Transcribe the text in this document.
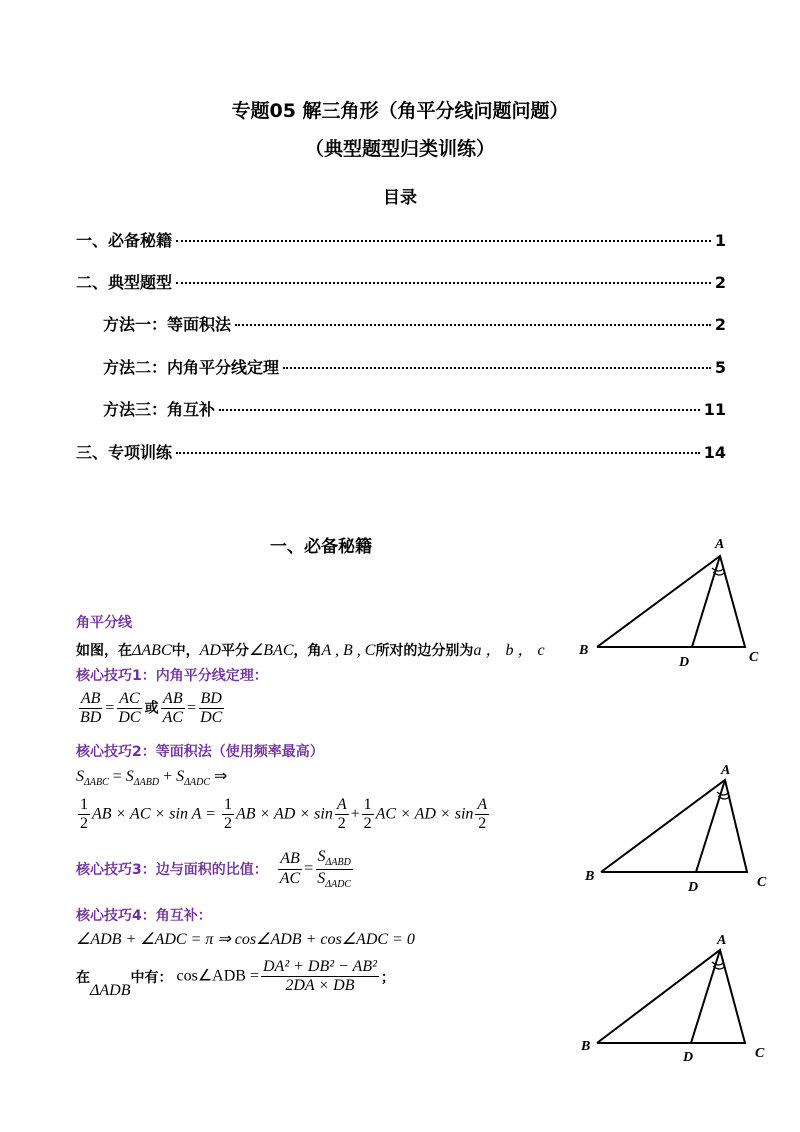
专题05 解三角形（角平分线问题问题）
（典型题型归类训练）
目录
一、必备秘籍	1
二、典型题型	2
方法一：等面积法	2
方法二：内角平分线定理	5
方法三：角互补	11
三、专项训练	14
一、必备秘籍
角平分线
如图，在ΔABC中，AD平分∠BAC，角A , B , C所对的边分别为a ， b ， c
核心技巧1：内角平分线定理：
$\frac{AB}{BD} = \frac{AC}{DC}$ 或 $\frac{AB}{AC} = \frac{BD}{DC}$
核心技巧2：等面积法（使用频率最高）
$S_{\Delta ABC} = S_{\Delta ABD} + S_{\Delta ADC}$ ⇒
$\frac{1}{2}$ AB × AC × $\sin A = \frac{1}{2}$ AB × AD × $\sin \frac{A}{2} + \frac{1}{2}$ AC × AD × $\sin \frac{A}{2}$
核心技巧3：边与面积的比值： $\frac{AB}{AC} = \frac{S_{\Delta ABD}}{S_{\Delta ADC}}$
核心技巧4：角互补：
∠ADB + ∠ADC = π ⇒ cos∠ADB + cos∠ADC = 0
在
ΔADB
中有： cos∠ADB = $\frac{\text{DA² + DB² − AB²}}{2DA \times DB}$ ；
A
B	C
D
A
B	C
D
A
B	C
D
